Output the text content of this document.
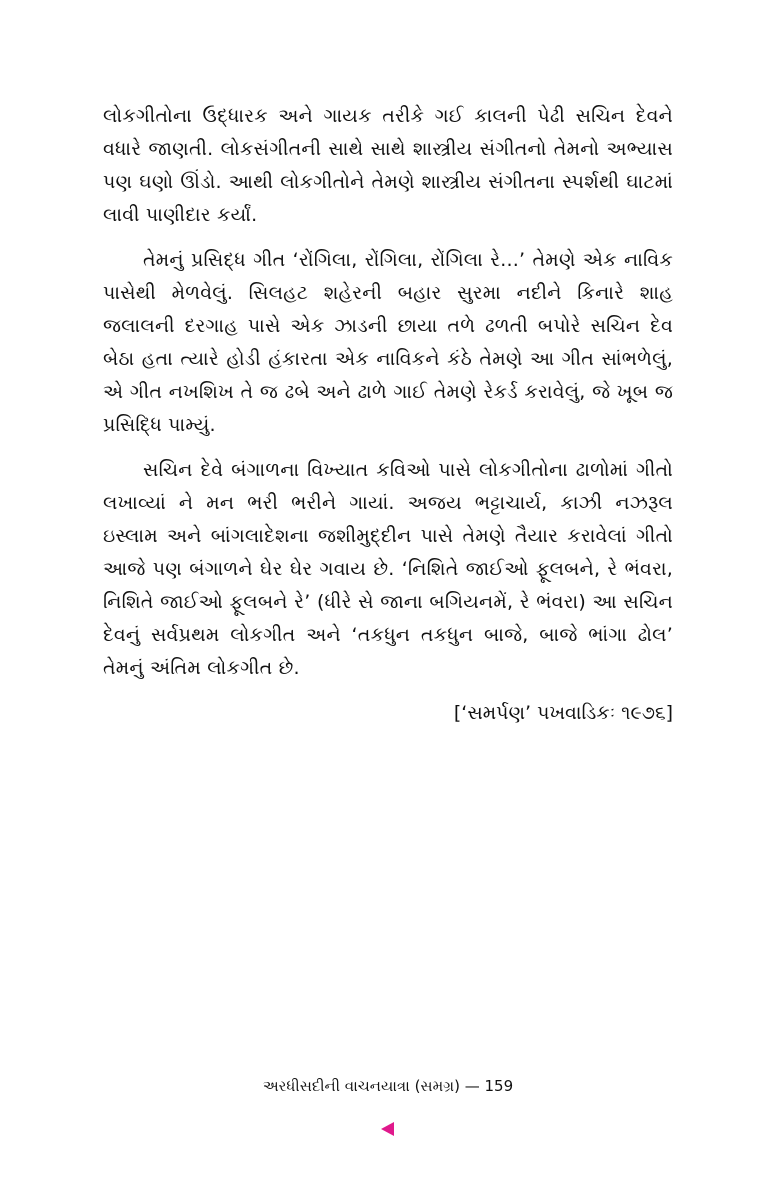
લોકગીતોના ઉદ્ધારક અને ગાયક તરીકે ગઈ કાલની પેઢી સચિન દેવને વધારે જાણતી. લોકસંગીતની સાથે સાથે શાસ્ત્રીય સંગીતનો તેમનો અભ્યાસ પણ ઘણો ઊંડો. આથી લોકગીતોને તેમણે શાસ્ત્રીય સંગીતના સ્પર્શથી ઘાટમાં લાવી પાણીદાર કર્યાં.

તેમનું પ્રસિદ્ધ ગીત ‘રોંગિલા, રોંગિલા, રોંગિલા રે...’ તેમણે એક નાવિક પાસેથી મેળવેલું. સિલહટ શહેરની બહાર સુરમા નદીને કિનારે શાહ જલાલની દરગાહ પાસે એક ઝાડની છાયા તળે ઢળતી બપોરે સચિન દેવ બેઠા હતા ત્યારે હોડી હંકારતા એક નાવિકને કંઠે તેમણે આ ગીત સાંભળેલું, એ ગીત નખશિખ તે જ ઢબે અને ઢાળે ગાઈ તેમણે રેકર્ડ કરાવેલું, જે ખૂબ જ પ્રસિદ્ધિ પામ્યું.

સચિન દેવે બંગાળના વિખ્યાત કવિઓ પાસે લોકગીતોના ઢાળોમાં ગીતો લખાવ્યાં ને મન ભરી ભરીને ગાયાં. અજય ભટ્ટાચાર્ય, કાઝી નઝરૂલ ઇસ્લામ અને બાંગલાદેશના જશીમુદ્દીન પાસે તેમણે તૈયાર કરાવેલાં ગીતો આજે પણ બંગાળને ઘેર ઘેર ગવાય છે. ‘નિશિતે જાઈઓ ફૂલબને, રે ભંવરા, નિશિતે જાઈઓ ફૂલબને રે’ (ધીરે સે જાના બગિયનમેં, રે ભંવરા) આ સચિન દેવનું સર્વપ્રથમ લોકગીત અને ‘તકધુન તકધુન બાજે, બાજે ભાંગા ઢોલ’ તેમનું અંતિમ લોકગીત છે.

[‘સમર્પણ’ પખવાડિકઃ ૧૯૭૬]

અરધીસદીની વાચનયાત્રા (સમગ્ર) — 159
